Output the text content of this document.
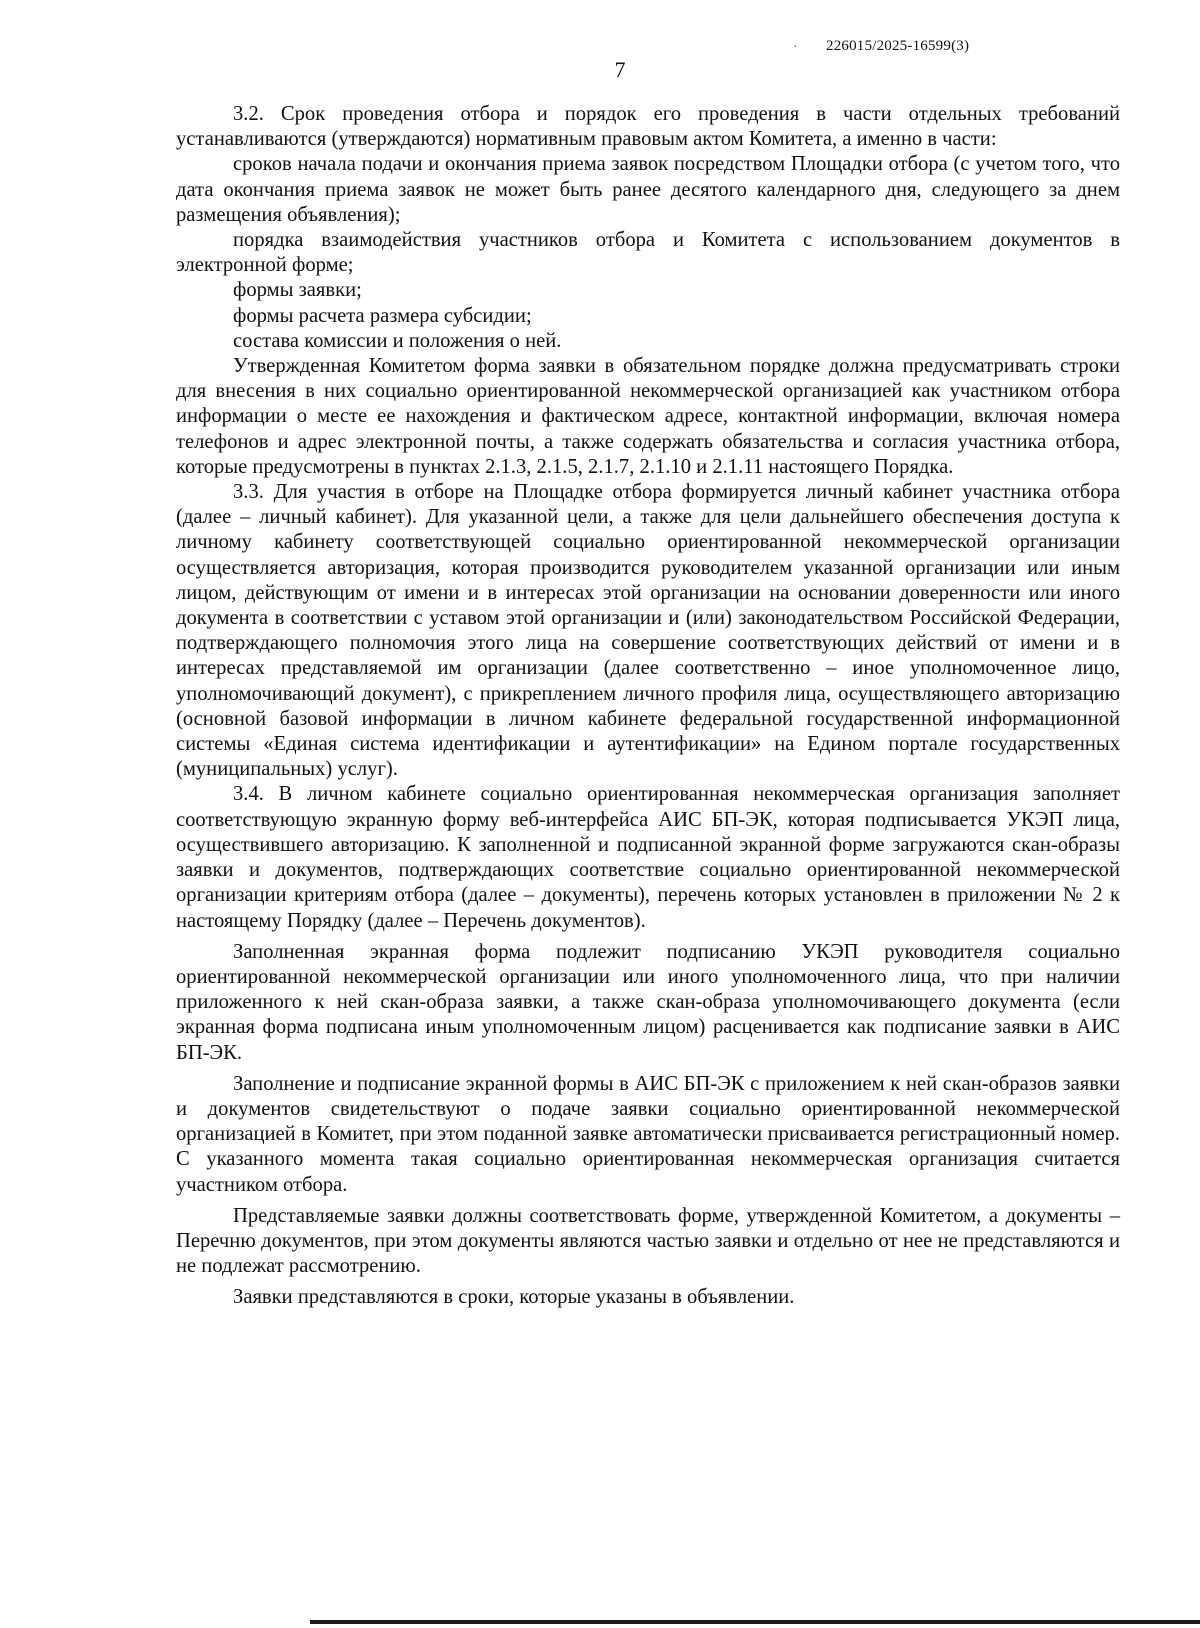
· 226015/2025-16599(3)
7

3.2. Срок проведения отбора и порядок его проведения в части отдельных требований устанавливаются (утверждаются) нормативным правовым актом Комитета, а именно в части:

сроков начала подачи и окончания приема заявок посредством Площадки отбора (с учетом того, что дата окончания приема заявок не может быть ранее десятого календарного дня, следующего за днем размещения объявления);

порядка взаимодействия участников отбора и Комитета с использованием документов в электронной форме;

формы заявки;

формы расчета размера субсидии;

состава комиссии и положения о ней.

Утвержденная Комитетом форма заявки в обязательном порядке должна предусматривать строки для внесения в них социально ориентированной некоммерческой организацией как участником отбора информации о месте ее нахождения и фактическом адресе, контактной информации, включая номера телефонов и адрес электронной почты, а также содержать обязательства и согласия участника отбора, которые предусмотрены в пунктах 2.1.3, 2.1.5, 2.1.7, 2.1.10 и 2.1.11 настоящего Порядка.

3.3. Для участия в отборе на Площадке отбора формируется личный кабинет участника отбора (далее – личный кабинет). Для указанной цели, а также для цели дальнейшего обеспечения доступа к личному кабинету соответствующей социально ориентированной некоммерческой организации осуществляется авторизация, которая производится руководителем указанной организации или иным лицом, действующим от имени и в интересах этой организации на основании доверенности или иного документа в соответствии с уставом этой организации и (или) законодательством Российской Федерации, подтверждающего полномочия этого лица на совершение соответствующих действий от имени и в интересах представляемой им организации (далее соответственно – иное уполномоченное лицо, уполномочивающий документ), с прикреплением личного профиля лица, осуществляющего авторизацию (основной базовой информации в личном кабинете федеральной государственной информационной системы «Единая система идентификации и аутентификации» на Едином портале государственных (муниципальных) услуг).

3.4. В личном кабинете социально ориентированная некоммерческая организация заполняет соответствующую экранную форму веб-интерфейса АИС БП-ЭК, которая подписывается УКЭП лица, осуществившего авторизацию. К заполненной и подписанной экранной форме загружаются скан-образы заявки и документов, подтверждающих соответствие социально ориентированной некоммерческой организации критериям отбора (далее – документы), перечень которых установлен в приложении № 2 к настоящему Порядку (далее – Перечень документов).

Заполненная экранная форма подлежит подписанию УКЭП руководителя социально ориентированной некоммерческой организации или иного уполномоченного лица, что при наличии приложенного к ней скан-образа заявки, а также скан-образа уполномочивающего документа (если экранная форма подписана иным уполномоченным лицом) расценивается как подписание заявки в АИС БП-ЭК.

Заполнение и подписание экранной формы в АИС БП-ЭК с приложением к ней скан-образов заявки и документов свидетельствуют о подаче заявки социально ориентированной некоммерческой организацией в Комитет, при этом поданной заявке автоматически присваивается регистрационный номер. С указанного момента такая социально ориентированная некоммерческая организация считается участником отбора.

Представляемые заявки должны соответствовать форме, утвержденной Комитетом, а документы – Перечню документов, при этом документы являются частью заявки и отдельно от нее не представляются и не подлежат рассмотрению.

Заявки представляются в сроки, которые указаны в объявлении.
